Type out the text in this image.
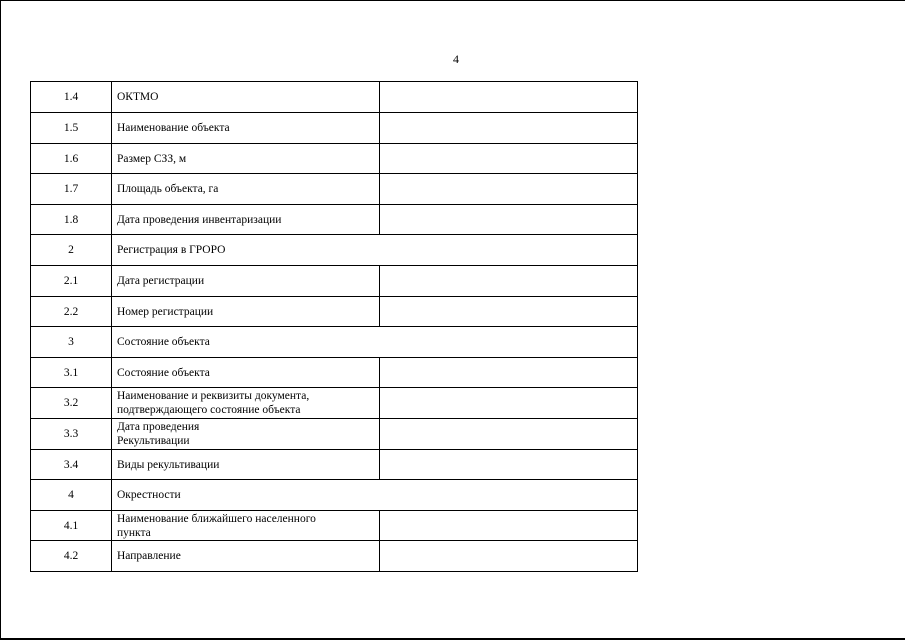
4
1.4	ОКТМО	

1.5	Наименование объекта	

1.6	Размер СЗЗ, м	

1.7	Площадь объекта, га	

1.8	Дата проведения инвентаризации	

2	Регистрация в ГРОРО	

2.1	Дата регистрации	

2.2	Номер регистрации	

3	Состояние объекта	

3.1	Состояние объекта	

3.2	Наименование и реквизиты документа,
подтверждающего состояние объекта	

3.3	Дата проведения
Рекультивации	

3.4	Виды рекультивации	

4	Окрестности	

4.1	Наименование ближайшего населенного
пункта	

4.2	Направление	
